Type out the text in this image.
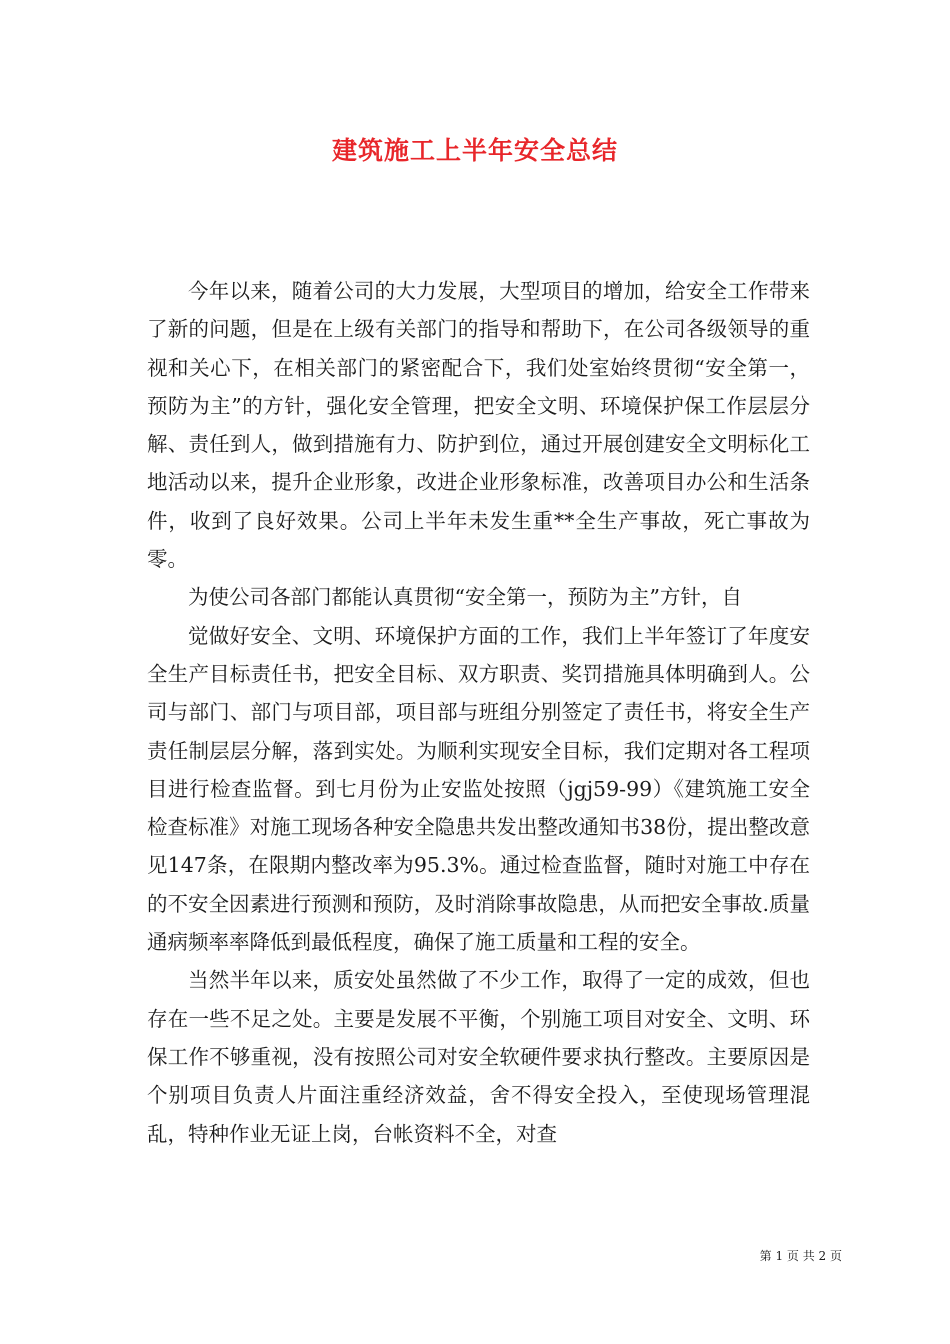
建筑施工上半年安全总结

今年以来，随着公司的大力发展，大型项目的增加，给安全工作带来了新的问题，但是在上级有关部门的指导和帮助下，在公司各级领导的重视和关心下，在相关部门的紧密配合下，我们处室始终贯彻“安全第一，预防为主”的方针，强化安全管理，把安全文明、环境保护保工作层层分解、责任到人，做到措施有力、防护到位，通过开展创建安全文明标化工地活动以来，提升企业形象，改进企业形象标准，改善项目办公和生活条件，收到了良好效果。公司上半年未发生重**全生产事故，死亡事故为零。

为使公司各部门都能认真贯彻“安全第一，预防为主”方针，自

觉做好安全、文明、环境保护方面的工作，我们上半年签订了年度安全生产目标责任书，把安全目标、双方职责、奖罚措施具体明确到人。公司与部门、部门与项目部，项目部与班组分别签定了责任书，将安全生产责任制层层分解，落到实处。为顺利实现安全目标，我们定期对各工程项目进行检查监督。到七月份为止安监处按照（jgj59-99）《建筑施工安全检查标准》对施工现场各种安全隐患共发出整改通知书38份，提出整改意见147条，在限期内整改率为95.3%。通过检查监督，随时对施工中存在的不安全因素进行预测和预防，及时消除事故隐患，从而把安全事故.质量通病频率率降低到最低程度，确保了施工质量和工程的安全。

当然半年以来，质安处虽然做了不少工作，取得了一定的成效，但也存在一些不足之处。主要是发展不平衡，个别施工项目对安全、文明、环保工作不够重视，没有按照公司对安全软硬件要求执行整改。主要原因是个别项目负责人片面注重经济效益，舍不得安全投入，至使现场管理混乱，特种作业无证上岗，台帐资料不全，对查

第 1 页 共 2 页
